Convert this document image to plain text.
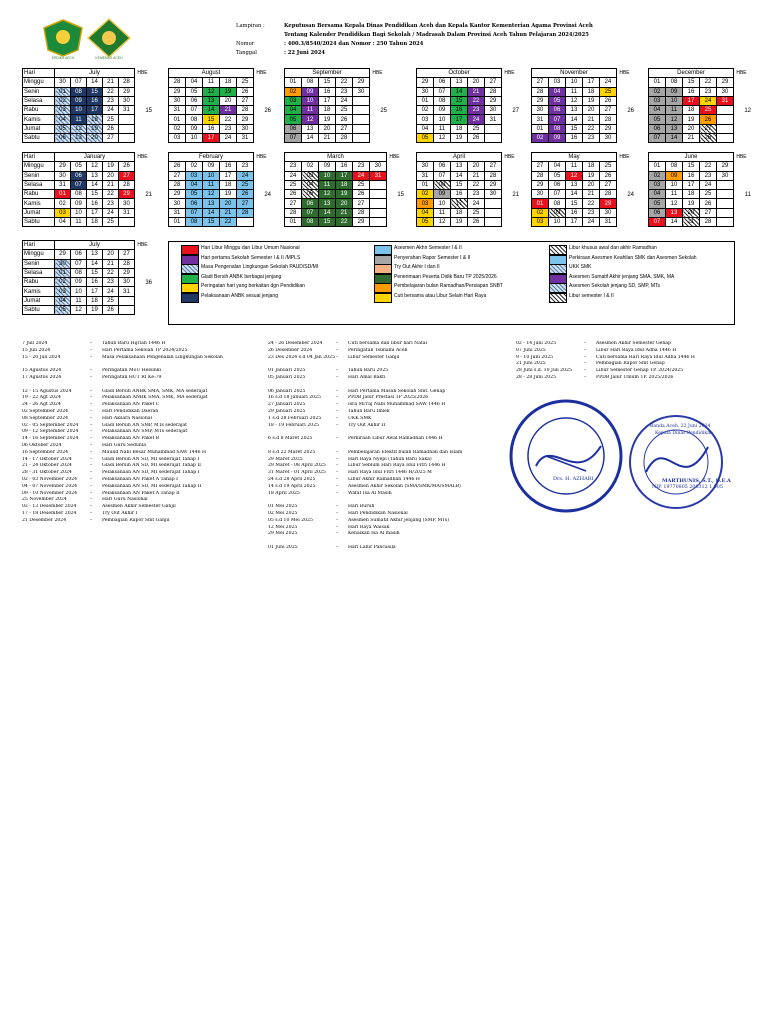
ERDIKA AECH	KEMENAG ACEH
Lampiran :	Keputusan Bersama Kepala Dinas Pendidikan Aceh dan Kepala Kantor Kementerian Agama Provinsi Aceh
Tentang Kalender Pendidikan Bagi Sekolah / Madrasah Dalam Provinsi Aceh Tahun Pelajaran 2024/2025
Nomor	: 400.3/8540/2024 dan Nomor : 250 Tahun 2024
Tanggal	: 22 Juni 2024
Hari	July					HBE
Minggu	30	07	14	21	28	
Senin	01	08	15	22	29	
Selasa	02	09	16	23	30	
Rabu	03	10	17	24	31	
Kamis	04	11	18	25		
Jumat	05	12	19	26		
Sabtu	06	13	20	27		
15
August					HBE
28	04	11	18	25	
29	05	12	19	26	
30	06	13	20	27	
31	07	14	21	28	
01	08	15	22	29	
02	09	16	23	30	
03	10	17	24	31	
26
September					HBE
01	08	15	22	29	
02	09	16	23	30	
03	10	17	24		
04	11	18	25		
05	12	19	26		
06	13	20	27		
07	14	21	28		
25
October					HBE
29	06	13	20	27	
30	07	14	21	28	
01	08	15	22	29	
02	09	16	23	30	
03	10	17	24	31	
04	11	18	25		
05	12	19	26		
27
November					HBE
27	03	10	17	24	
28	04	11	18	25	
29	05	12	19	26	
30	06	13	20	27	
31	07	14	21	28	
01	08	15	22	29	
02	09	16	23	30	
26
December					HBE
01	08	15	22	29	
02	09	16	23	30	
03	10	17	24	31	
04	11	18	25		
05	12	19	26		
06	13	20	27		
07	14	21	28		
12
Hari	January					HBE
Minggu	29	05	12	19	26	
Senin	30	06	13	20	27	
Selasa	31	07	14	21	28	
Rabu	01	08	15	22	29	
Kamis	02	09	16	23	30	
Jumat	03	10	17	24	31	
Sabtu	04	11	18	25		
21
February					HBE
26	02	09	16	23	
27	03	10	17	24	
28	04	11	18	25	
29	05	12	19	26	
30	06	13	20	27	
31	07	14	21	28	
01	08	15	22		
24
March						HBE
23	02	09	16	23	30	
24	03	10	17	24	31	
25	04	11	18	25		
26	05	12	19	26		
27	06	13	20	27		
28	07	14	21	28		
01	08	15	22	29		
15
April					HBE
30	06	13	20	27	
31	07	14	21	28	
01	08	15	22	29	
02	09	16	23	30	
03	10	17	24		
04	11	18	25		
05	12	19	26		
21
May					HBE
27	04	11	18	25	
28	05	12	19	26	
29	06	13	20	27	
30	07	14	21	28	
01	08	15	22	29	
02	09	16	23	30	
03	10	17	24	31	
24
June					HBE
01	08	15	22	29	
02	09	16	23	30	
03	10	17	24		
04	11	18	25		
05	12	19	26		
06	13	20	27		
07	14	21	28		
11
Hari	July					HBE
Minggu	29	06	13	20	27	
Senin	30	07	14	21	28	
Selasa	01	08	15	22	29	
Rabu	02	09	16	23	30	
Kamis	03	10	17	24	31	
Jumat	04	11	18	25		
Sabtu	05	12	19	26		
36
Hari Libur Minggu dan Libur Umum Nasional
Hari pertama Sekolah Semester I & II /MPLS
Masa Pengenalan Lingkungan Sekolah PAUD/SD/MI
Gladi Bersih ANBK berbagai jenjang
Peringatan hari yang berkaitan dgn Pendidikan
Pelaksanaan ANBK sesuai jenjang
Asesmen Akhir Semester I & II
Penyerahan Rapor Semester I & II
Try Out Akhir I dan II
Penerimaan Peserta Didik Baru TP 2025/2026
Pembelajaran bulan Ramadhan/Persiapan SNBT
Cuti bersama atau Libur Selain Hari Raya
Libur khusus awal dan akhir Ramadhan
Perkiraan Asesmen Keahlian SMK dan Asesmen Sekolah
UKK SMK
Asesmen Sumatif Akhir jenjang SMA, SMK, MA
Asesmen Sekolah jenjang SD, SMP, MTs
Libur semester I & II
7 Juli 2024	–	Tahun Baru Hijriah 1446 H
15 Juli 2024	–	Hari Pertama Sekolah TP 2024/2025
15 - 20 Juli 2024	–	Masa Pelaksanaan Pengenalan Lingkungan Sekolah
15 Agustus 2024	–	Peringatan MoU Helsinki
17 Agustus 2024	–	Peringatan HUT RI Ke-79
12 - 15 Agustus 2024	–	Gladi Bersih ANBK SMA, SMK, MA sederajat
19 - 22 Agt 2024	–	Pelaksanaan ANBK SMA, SMK, MA sederajat
24 - 26 Agt 2024	–	Pelaksanaan AN Paket C
02 September 2024	–	Hari Pendidikan Daerah
08 September 2024	–	Hari Aksara Nasional
02 - 05 September 2024	–	Gladi Bersih AN SMP, MTs sederajat
09 - 12 September 2024	–	Pelaksanaan AN SMP, MTs sederajat
14 - 16 September 2024	–	Pelaksanaan AN Paket B
06 Oktober 2024	–	Hari Guru Sedunia
16 September 2024	–	Maulid Nabi Besar Muhammad SAW 1446 H
14 - 17 Oktober 2024	–	Gladi Bersih AN SD, MI sederajat Tahap I
21 - 24 Oktober 2024	–	Gladi Bersih AN SD, MI sederajat Tahap II
28 - 31 Oktober 2024	–	Pelaksanaan AN SD, MI sederajat Tahap I
02 - 03 November 2024	–	Pelaksanaan AN Paket A Tahap I
04 - 07 November 2024	–	Pelaksanaan AN SD, MI sederajat Tahap II
09 - 10 November 2024	–	Pelaksanaan AN Paket A Tahap II
25 November 2024	–	Hari Guru Nasional
02 - 13 Desember 2024	–	Asesmen Akhir Semester Ganjil
17 - 18 Desember 2024	–	Try Out Akhir I
21 Desember 2024	–	Pembagian Rapor Smt Ganjil
24 - 26 Desember 2024	–	Cuti bersama dan libur hari Natal
26 Desember 2024	–	Peringatan Tsunami Aceh
23 Des 2024 s.d 04 Jan 2025 –	Libur Semester Ganjil
01 Januari 2025	–	Tahun Baru 2025
05 Januari 2025	–	Hari Amal Bakti
06 Januari 2025	–	Hari Pertama Masuk Sekolah Smt. Genap
16 s.d 18 Januari 2025	–	PPDB Jalur Prestasi TP 2025/2026
27 Januari 2025	–	Isra Mi'raj Nabi Muhammad SAW 1446 H
29 Januari 2025	–	Tahun Baru Imlek
1 s.d 28 Februari 2025	–	UKK SMK
18 - 19 Februari 2025	–	Try Out Akhir II
6 s.d 8 Maret 2025	–	Perkiraan Libur Awal Ramadhan 1446 H
8 s.d 22 Maret 2025	–	Pembelajaran Efektif bulan Ramadhan dan Islam
29 Maret 2025	–	Hari Raya Nyepi (Tahun Baru Saka)
29 Maret - 08 April 2025	–	Libur Seblum Hari Raya Idul Fitri 1446 H
31 Maret - 01 April 2025	–	Hari Raya Idul Fitri 1446 H/2025 M
24 s.d 28 April 2025	–	Libur Akhir Ramadhan 1446 H
14 s.d 19 April 2025	–	Asesmen Akhir Sekolah (SMA/SMK/MA/SMALB)
18 April 2025	–	Wafat Isa Al Masih
01 Mei 2025	–	Hari Buruh
02 Mei 2025	–	Hari Pendidikan Nasional
05 s.d 10 Mei 2025	–	Asesmen Sumatif Akhir jenjang (SMP, MTs)
12 Mei 2025	–	Hari Raya Waisak
29 Mei 2025	–	Kenaikan Isa Al masih
01 Juni 2025	–	Hari Lahir Pancasila
02 - 14 Juni 2025	–	Asesmen Akhir Semester Genap
07 Juni 2025	–	Libur Hari Raya Idul Adha 1446 H
9 - 10 Juni 2025	–	Cuti bersama Hari Raya Idul Adha 1446 H
21 Juni 2025	–	Pembagian Rapor Smt Genap
28 Juni s.d. 10 Juli 2025	–	Libur Semester Genap TP. 2024/2025
28 - 28 Juni 2025	–	PPDB Jalur Umum TP. 2025/2026
Drs. H. AZHARI
Banda Aceh, 22 Juni 2024
Kepala Dinas Pendidikan
MARTHUNIS, S.T., D.E.A
NIP. 19770805 200312 1 005
